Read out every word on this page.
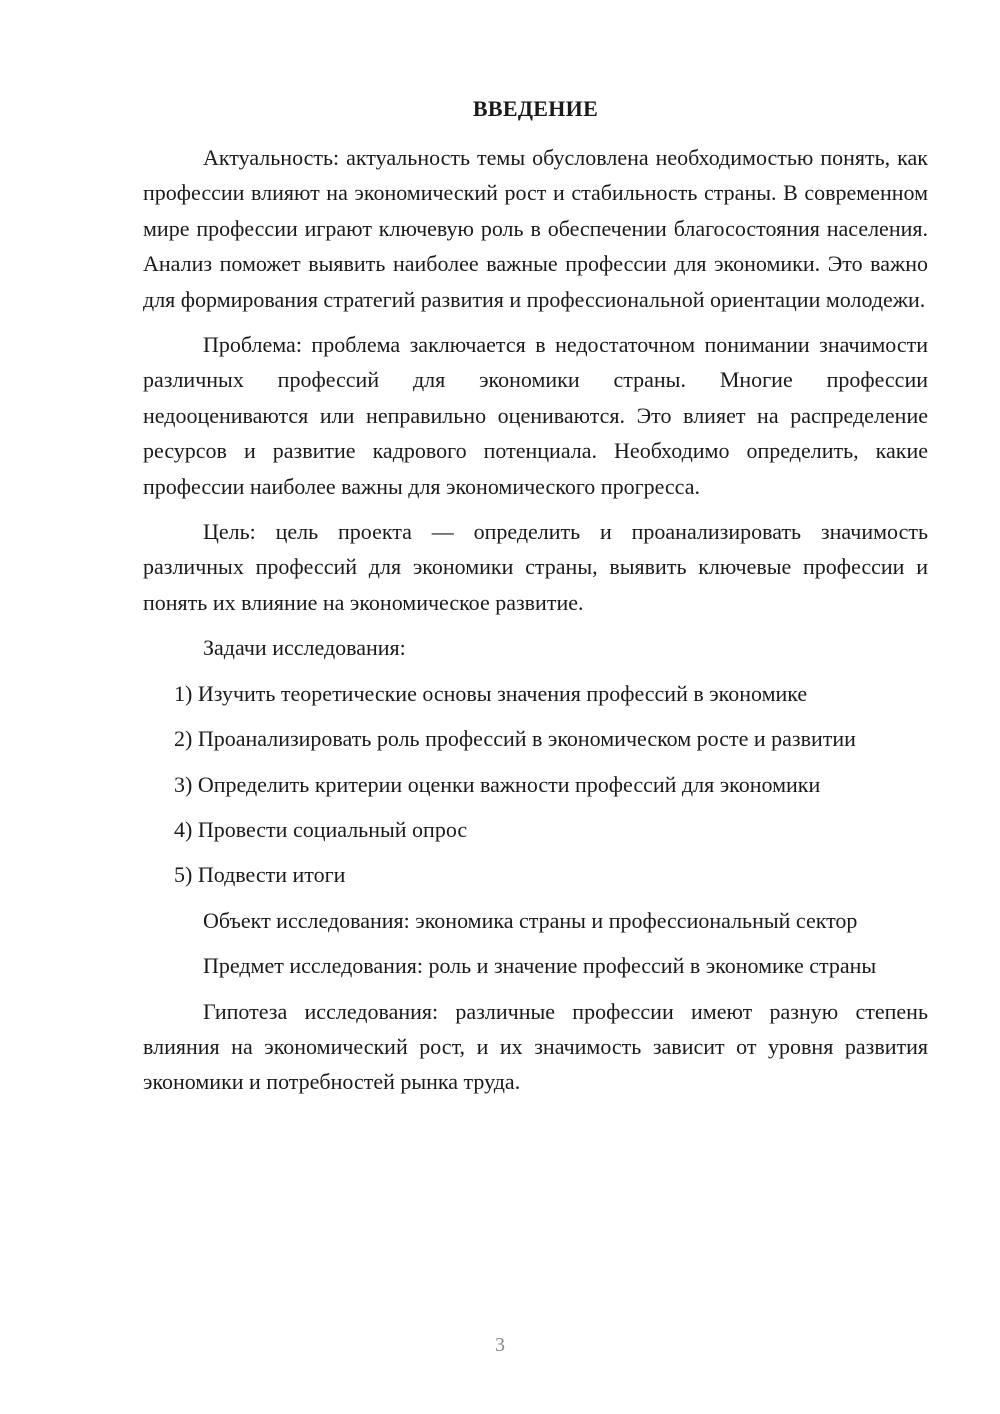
ВВЕДЕНИЕ

Актуальность: актуальность темы обусловлена необходимостью понять, как профессии влияют на экономический рост и стабильность страны. В современном мире профессии играют ключевую роль в обеспечении благосостояния населения. Анализ поможет выявить наиболее важные профессии для экономики. Это важно для формирования стратегий развития и профессиональной ориентации молодежи.

Проблема: проблема заключается в недостаточном понимании значимости различных профессий для экономики страны. Многие профессии недооцениваются или неправильно оцениваются. Это влияет на распределение ресурсов и развитие кадрового потенциала. Необходимо определить, какие профессии наиболее важны для экономического прогресса.

Цель: цель проекта — определить и проанализировать значимость различных профессий для экономики страны, выявить ключевые профессии и понять их влияние на экономическое развитие.

Задачи исследования:

1) Изучить теоретические основы значения профессий в экономике

2) Проанализировать роль профессий в экономическом росте и развитии

3) Определить критерии оценки важности профессий для экономики

4) Провести социальный опрос

5) Подвести итоги

Объект исследования: экономика страны и профессиональный сектор

Предмет исследования: роль и значение профессий в экономике страны

Гипотеза исследования: различные профессии имеют разную степень влияния на экономический рост, и их значимость зависит от уровня развития экономики и потребностей рынка труда.

3
